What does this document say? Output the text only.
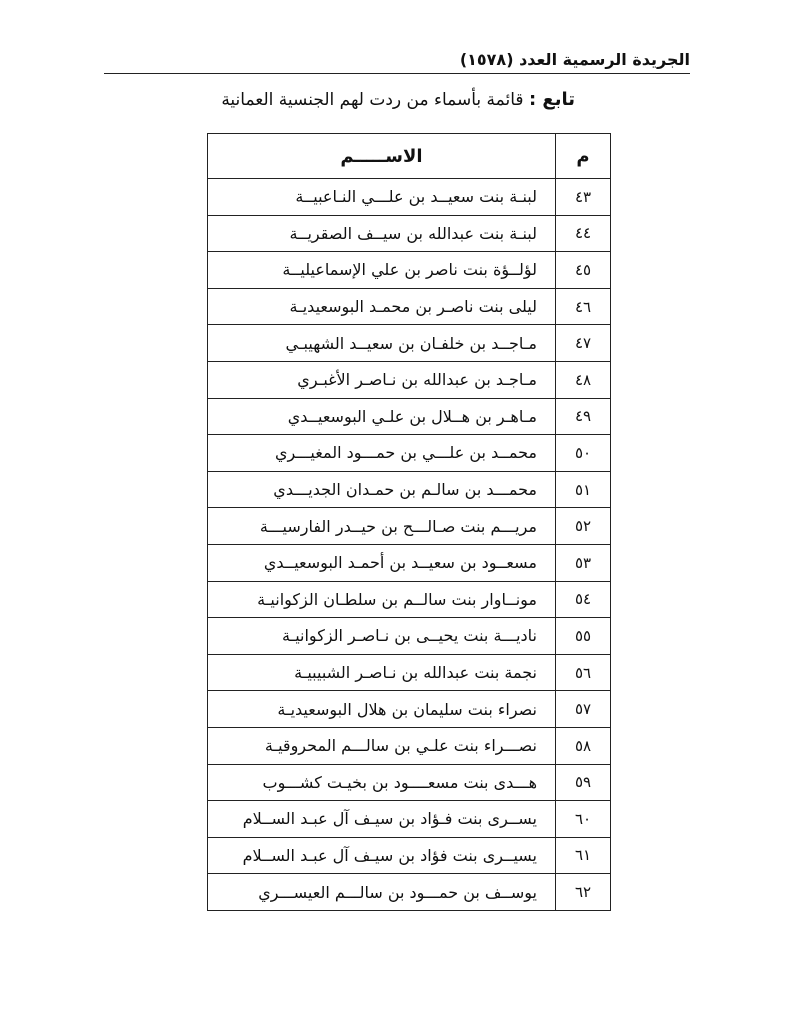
الجريدة الرسمية العدد (١٥٧٨)
تابع : قائمة بأسماء من ردت لهم الجنسية العمانية
م	الاســـــم
٤٣	لبنـة بنت سعيــد بن علـــي النـاعبيــة
٤٤	لبنـة بنت عبدالله بن سيــف الصقريــة
٤٥	لؤلــؤة بنت ناصر بن علي الإسماعيليــة
٤٦	ليلى بنت ناصـر بن محمـد البوسعيديـة
٤٧	مـاجــد بن خلفـان بن سعيــد الشهيبـي
٤٨	مـاجـد بن عبدالله بن نـاصـر الأغبـري
٤٩	مـاهـر بن هــلال بن علـي البوسعيــدي
٥٠	محمــد بن علـــي بن حمـــود المغيـــري
٥١	محمـــد بن سالـم بن حمـدان الجديـــدي
٥٢	مريـــم بنت صـالـــح بن حيــدر الفارسيـــة
٥٣	مسعــود بن سعيــد بن أحمـد البوسعيــدي
٥٤	مونــاوار بنت سالــم بن سلطـان الزكوانيـة
٥٥	ناديـــة بنت يحيــى بن نـاصـر الزكوانيـة
٥٦	نجمة بنت عبدالله بن نـاصـر الشبيبيـة
٥٧	نصراء بنت سليمان بن هلال البوسعيديـة
٥٨	نصـــراء بنت علـي بن سالـــم المحروقيـة
٥٩	هـــدى بنت مسعــــود بن بخيـت كشـــوب
٦٠	يســرى بنت فـؤاد بن سيـف آل عبـد الســلام
٦١	يسيــرى بنت فؤاد بن سيـف آل عبـد الســلام
٦٢	يوســف بن حمـــود بن سالـــم العيســـري
